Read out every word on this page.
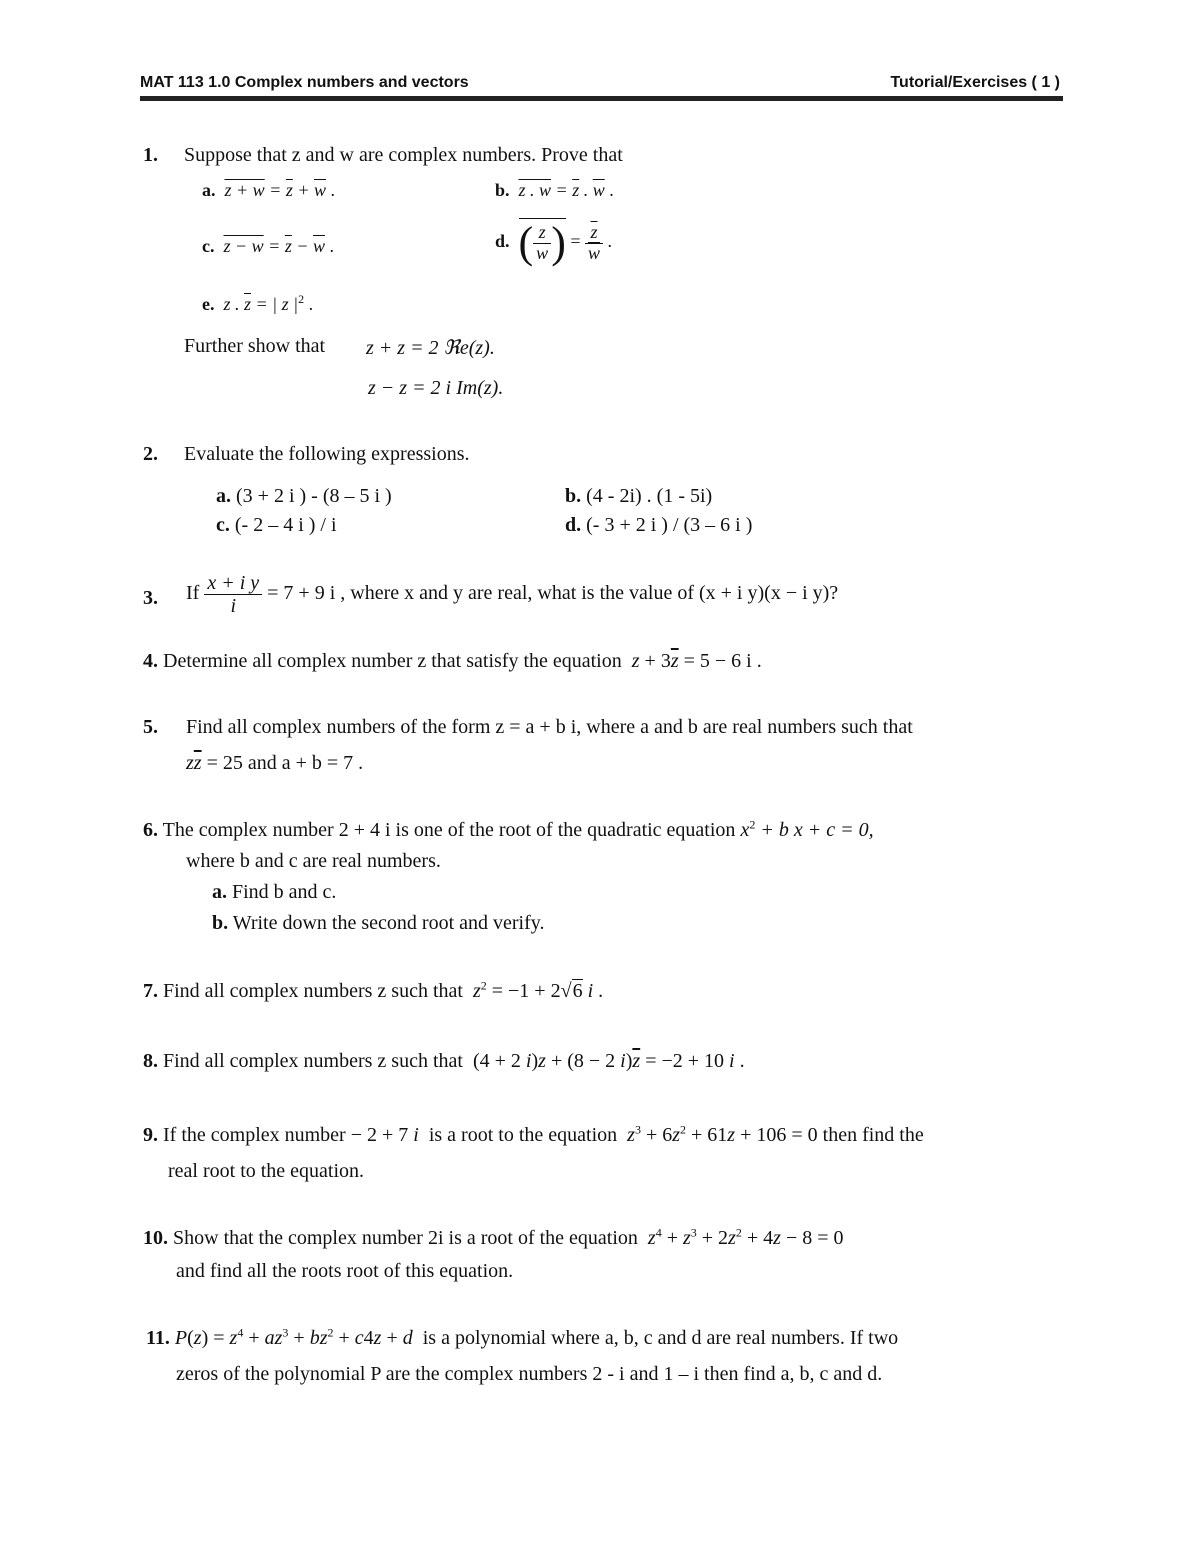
MAT 113 1.0 Complex numbers and vectors	Tutorial/Exercises ( 1 )
1. Suppose that z and w are complex numbers. Prove that
a. $z + w = \overline{z} + \overline{w}$ .	b. z . $w = \overline{z}$ . $\overline{w}$ .
c. $z - w = \overline{z} - \overline{w}$ .	d. ( $\frac{z}{w}$ ) = $\frac{\overline{z}}{w}$ .
e. z . $\overline{z}$ = | z $|^2$ .
Further show that z + z = 2 ℜe(z).
z − z = 2 i Im(z).
2. Evaluate the following expressions.
a. (3 + 2 i ) - (8 – 5 i )	b. (4 - 2i) . (1 - 5i)
c. (- 2 – 4 i ) / i	d. (- 3 + 2 i ) / (3 – 6 i )
3. If $\frac{\text{x + i y}}{i} = 7 + 9$ i , where x and y are real, what is the value of (x + i y)(x − i y)?
4. Determine all complex number z that satisfy the equation $z + 3\overline{z} = 5 - 6$ i .
5. Find all complex numbers of the form z = a + b i, where a and b are real numbers such that
$z\overline{z} = 25$ and a + b = 7 .
6. The complex number 2 + 4 i is one of the root of the quadratic equation $x^2 + b$ x + c = 0,
where b and c are real numbers.
a. Find b and c.
b. Write down the second root and verify.
7. Find all complex numbers z such that $z^2 = -1 + 2√6$ i .
8. Find all complex numbers z such that  (4 + 2 i)z + (8 − 2 $i)\overline{z} = -2 + 10$ i .
9. If the complex number − 2 + 7 i is a root to the equation $z^3 + 6z^2 + 61z + 106 = 0$ then find the
real root to the equation.
10. Show that the complex number 2i is a root of the equation $z^4 + z^3 + 2z^2 + 4z - 8 = 0$
and find all the roots root of this equation.
11. $P(z) = z^4 + az^3 + bz^2 + c4z + d$ is a polynomial where a, b, c and d are real numbers. If two
zeros of the polynomial P are the complex numbers 2 - i and 1 – i then find a, b, c and d.
